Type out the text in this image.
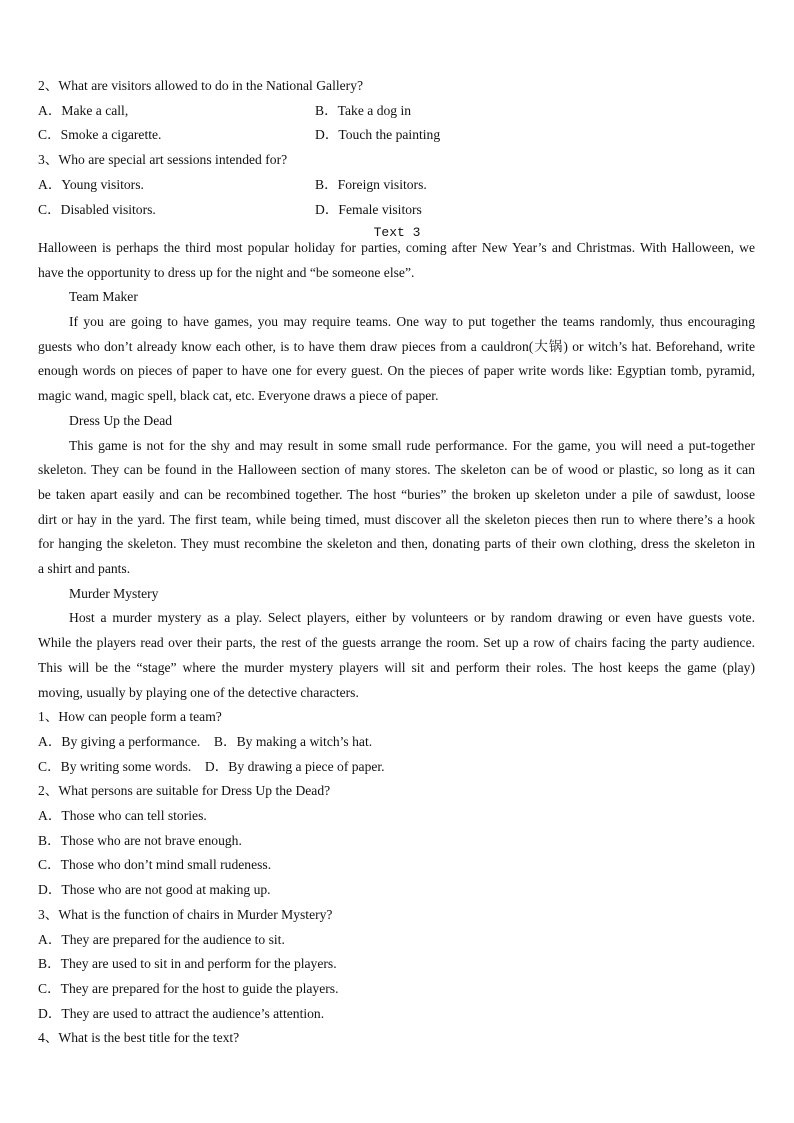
2、What are visitors allowed to do in the National Gallery?
A．Make a call,	B．Take a dog in
C．Smoke a cigarette.	D．Touch the painting
3、Who are special art sessions intended for?
A．Young visitors.	B．Foreign visitors.
C．Disabled visitors.	D．Female visitors
Text 3
Halloween is perhaps the third most popular holiday for parties, coming after New Year’s and Christmas. With Halloween, we
have the opportunity to dress up for the night and “be someone else”.
Team Maker
If you are going to have games, you may require teams. One way to put together the teams randomly, thus encouraging
guests who don’t already know each other, is to have them draw pieces from a cauldron(大锅) or witch’s hat. Beforehand, write
enough words on pieces of paper to have one for every guest. On the pieces of paper write words like: Egyptian tomb, pyramid,
magic wand, magic spell, black cat, etc. Everyone draws a piece of paper.
Dress Up the Dead
This game is not for the shy and may result in some small rude performance. For the game, you will need a put-together
skeleton. They can be found in the Halloween section of many stores. The skeleton can be of wood or plastic, so long as it can
be taken apart easily and can be recombined together. The host “buries” the broken up skeleton under a pile of sawdust, loose
dirt or hay in the yard. The first team, while being timed, must discover all the skeleton pieces then run to where there’s a hook
for hanging the skeleton. They must recombine the skeleton and then, donating parts of their own clothing, dress the skeleton in
a shirt and pants.
Murder Mystery
Host a murder mystery as a play. Select players, either by volunteers or by random drawing or even have guests vote.
While the players read over their parts, the rest of the guests arrange the room. Set up a row of chairs facing the party audience.
This will be the “stage” where the murder mystery players will sit and perform their roles. The host keeps the game (play)
moving, usually by playing one of the detective characters.
1、How can people form a team?
A．By giving a performance.    B．By making a witch’s hat.
C．By writing some words.    D．By drawing a piece of paper.
2、What persons are suitable for Dress Up the Dead?
A．Those who can tell stories.
B．Those who are not brave enough.
C．Those who don’t mind small rudeness.
D．Those who are not good at making up.
3、What is the function of chairs in Murder Mystery?
A．They are prepared for the audience to sit.
B．They are used to sit in and perform for the players.
C．They are prepared for the host to guide the players.
D．They are used to attract the audience’s attention.
4、What is the best title for the text?
